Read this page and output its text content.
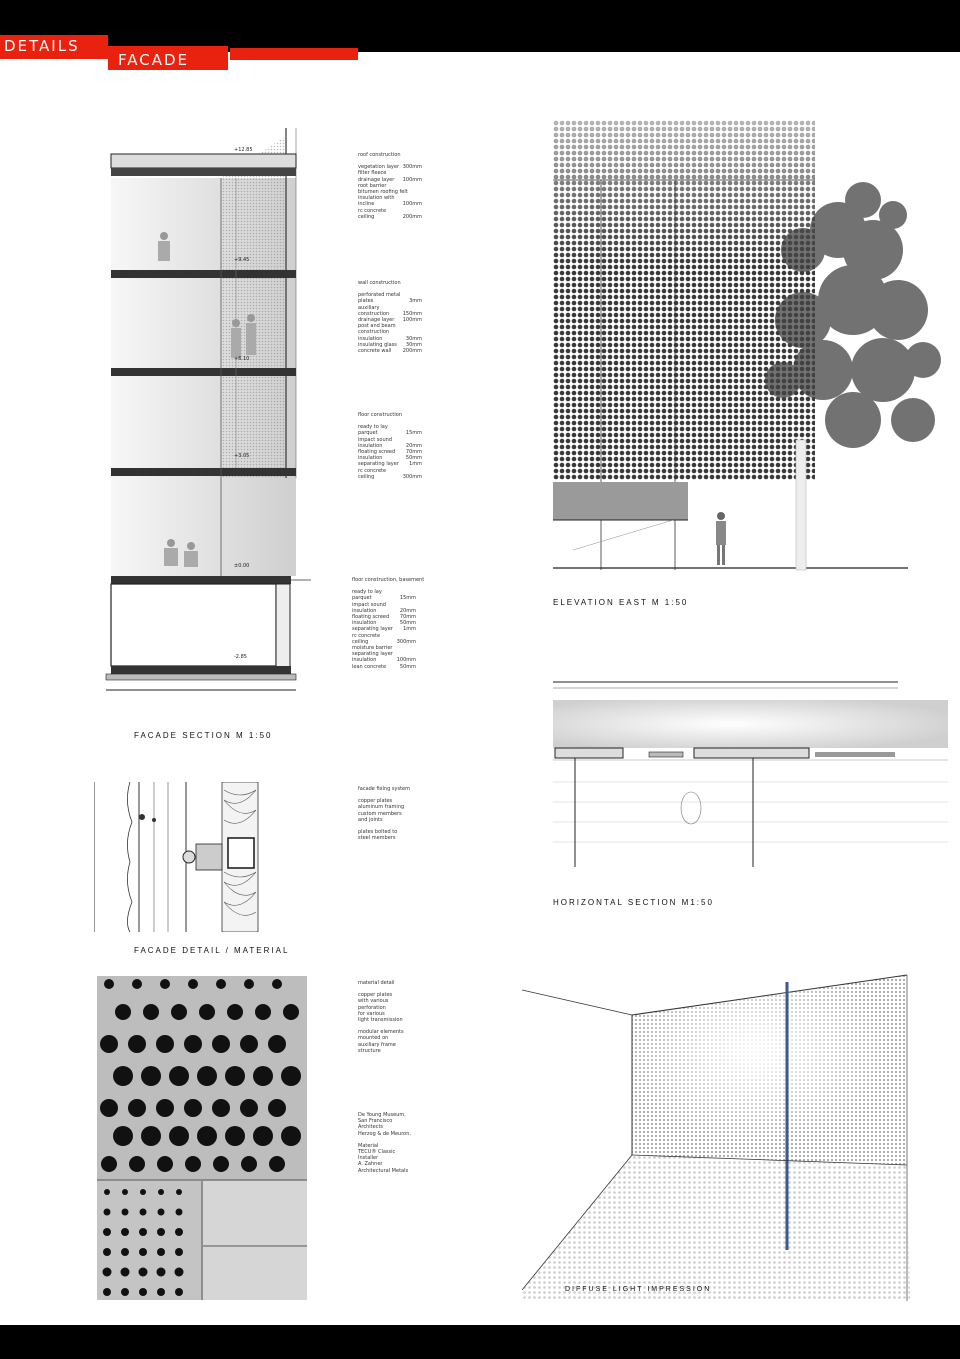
DETAILS
FACADE
+12.85
+9.45
+6.10
+3.05
±0.00
-2.85
FACADE SECTION M 1:50
roof construction
vegetation layer 300mm
filter fleece
drainage layer 100mm
root barrier
bitumen roofing felt
insulation with
incline	100mm
rc concrete
ceiling	200mm
wall construction
perforated metal
plates	3mm
auxiliary
construction	150mm
drainage layer 100mm
post and beam
construction
insulation	30mm
insulating glass 30mm
concrete wall 200mm
floor construction
ready to lay
parquet	15mm
impact sound
insulation	20mm
floating screed 70mm
insulation	50mm
separating layer 1mm
rc concrete
ceiling	300mm
floor construction, basement
ready to lay
parquet	15mm
impact sound
insulation	20mm
floating screed 70mm
insulation	50mm
separating layer 1mm
rc concrete
ceiling	300mm
moisture barrier
separating layer
insulation	100mm
lean concrete	50mm
facade fixing system
copper plates
aluminum framing
custom members
and joints
plates bolted to
steel members
material detail
copper plates
with various
perforation
for various
light transmission
modular elements
mounted on
auxiliary frame
structure
De Young Museum,
San Francisco
Architects
Herzog & de Meuron.
Material
TECU® Classic
Installer
A. Zahner
Architectural Metals
FACADE DETAIL / MATERIAL
ELEVATION EAST M 1:50
HORIZONTAL SECTION M1:50
DIFFUSE LIGHT IMPRESSION
